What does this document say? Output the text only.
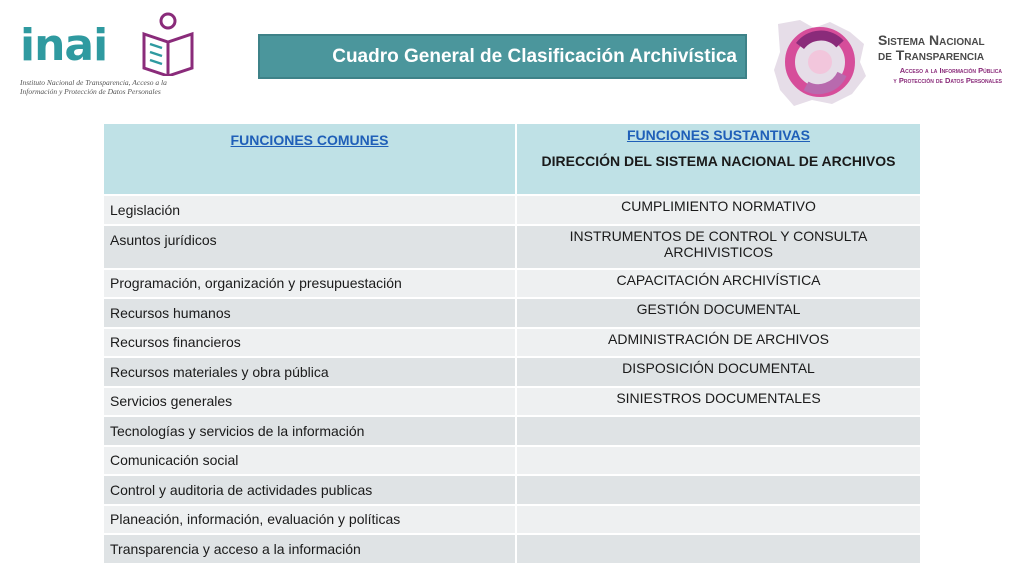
inai
Instituto Nacional de Transparencia, Acceso a la
Información y Protección de Datos Personales
Cuadro General de Clasificación Archivística
Sistema Nacional
de Transparencia
Acceso a la Información Pública
y Protección de Datos Personales
FUNCIONES COMUNES	FUNCIONES SUSTANTIVAS
DIRECCIÓN DEL SISTEMA NACIONAL DE ARCHIVOS

Legislación	CUMPLIMIENTO NORMATIVO
Asuntos jurídicos	INSTRUMENTOS DE CONTROL Y CONSULTA ARCHIVISTICOS
Programación, organización y presupuestación	CAPACITACIÓN ARCHIVÍSTICA
Recursos humanos	GESTIÓN DOCUMENTAL
Recursos financieros	ADMINISTRACIÓN DE ARCHIVOS
Recursos materiales y obra pública	DISPOSICIÓN DOCUMENTAL
Servicios generales	SINIESTROS DOCUMENTALES
Tecnologías y servicios de la información	
Comunicación social	
Control y auditoria de actividades publicas	
Planeación, información, evaluación y políticas	
Transparencia y acceso a la información	
